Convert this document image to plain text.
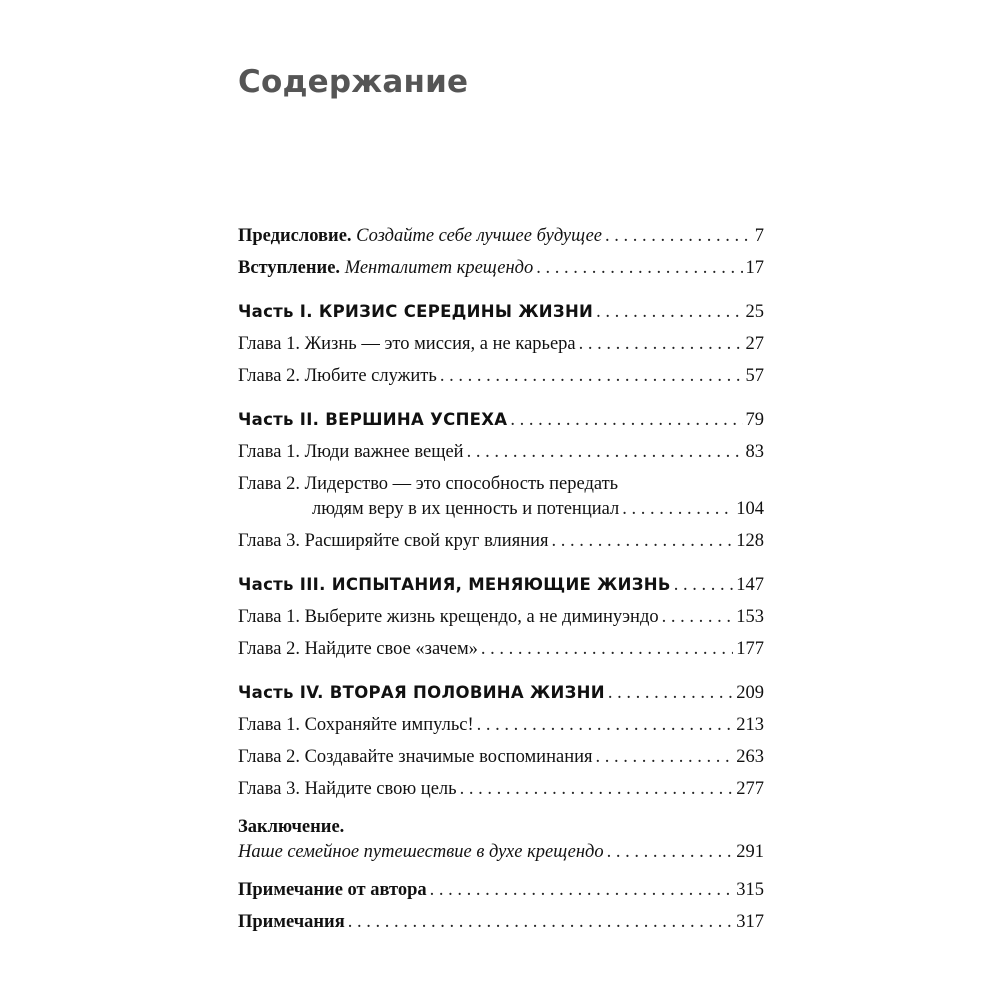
Содержание
Предисловие. Создайте себе лучшее будущее . . .	7
Вступление. Менталитет крещендо . . .	17
Часть I. КРИЗИС СЕРЕДИНЫ ЖИЗНИ . . .	25
Глава 1. Жизнь — это миссия, а не карьера . . .	27
Глава 2. Любите служить . . .	57
Часть II. ВЕРШИНА УСПЕХА . . .	79
Глава 1. Люди важнее вещей . . .	83
Глава 2. Лидерство — это способность передать
людям веру в их ценность и потенциал . . .	104
Глава 3. Расширяйте свой круг влияния . . .	128
Часть III. ИСПЫТАНИЯ, МЕНЯЮЩИЕ ЖИЗНЬ . . .	147
Глава 1. Выберите жизнь крещендо, а не диминуэндо . . .	153
Глава 2. Найдите свое «зачем» . . .	177
Часть IV. ВТОРАЯ ПОЛОВИНА ЖИЗНИ . . .	209
Глава 1. Сохраняйте импульс! . . .	213
Глава 2. Создавайте значимые воспоминания . . .	263
Глава 3. Найдите свою цель . . .	277
Заключение.
Наше семейное путешествие в духе крещендо . . .	291
Примечание от автора . . .	315
Примечания . . .	317
